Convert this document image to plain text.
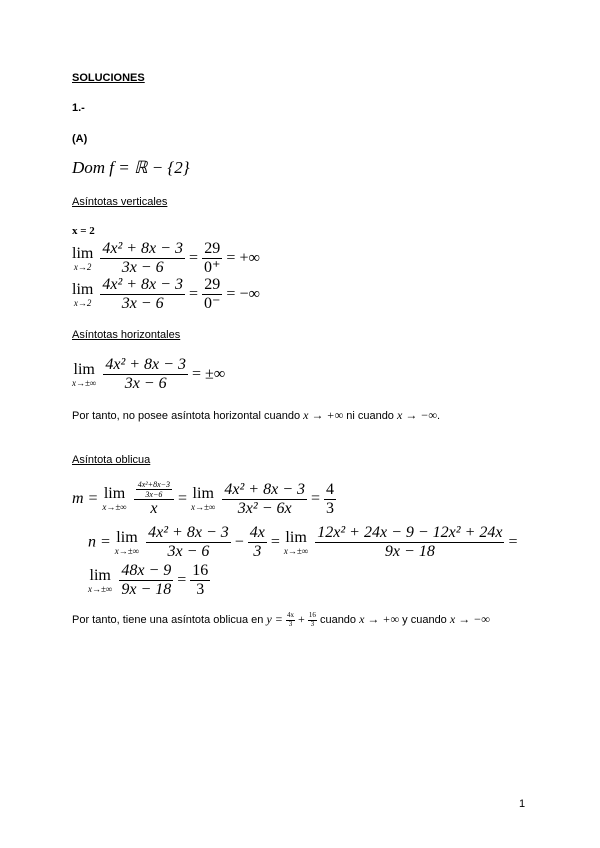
SOLUCIONES
1.-
(A)
Dom f = ℝ − {2}
Asíntotas verticales
x = 2
lim
x→2
$\frac{\text{4x² + 8x − 3}}{3x - 6} = \frac{29}{0^+}$ = +∞
lim
x→2
$\frac{\text{4x² + 8x − 3}}{3x - 6} = \frac{29}{0^-}$ = −∞
Asíntotas horizontales
lim
x→±∞
$\frac{\text{4x² + 8x − 3}}{3x - 6}$ = ±∞
Por tanto, no posee asíntota horizontal cuando x → +∞ ni cuando x → −∞.
Asíntota oblicua
m = lim
x→±∞
$\frac{\frac{\text{4x²+8x−3}}{3x-6}}{x} = \lim$
x→±∞
$\frac{\text{4x² + 8x − 3}}{\text{3x² − 6x}} = \frac{4}{3}$
n = lim
x→±∞
$\frac{\text{4x² + 8x − 3}}{3x - 6} - \frac{4x}{3} = \lim$
x→±∞
$\frac{\text{12x² + 24x − 9 − 12x² + 24x}}{9x - 18}$ =
lim
x→±∞
$\frac{48x - 9}{9x - 18} = \frac{16}{3}$
Por tanto, tiene una asíntota oblicua en $y = \frac{4x}{3} + \frac{16}{3}$ cuando x → +∞ y cuando x → −∞
1
